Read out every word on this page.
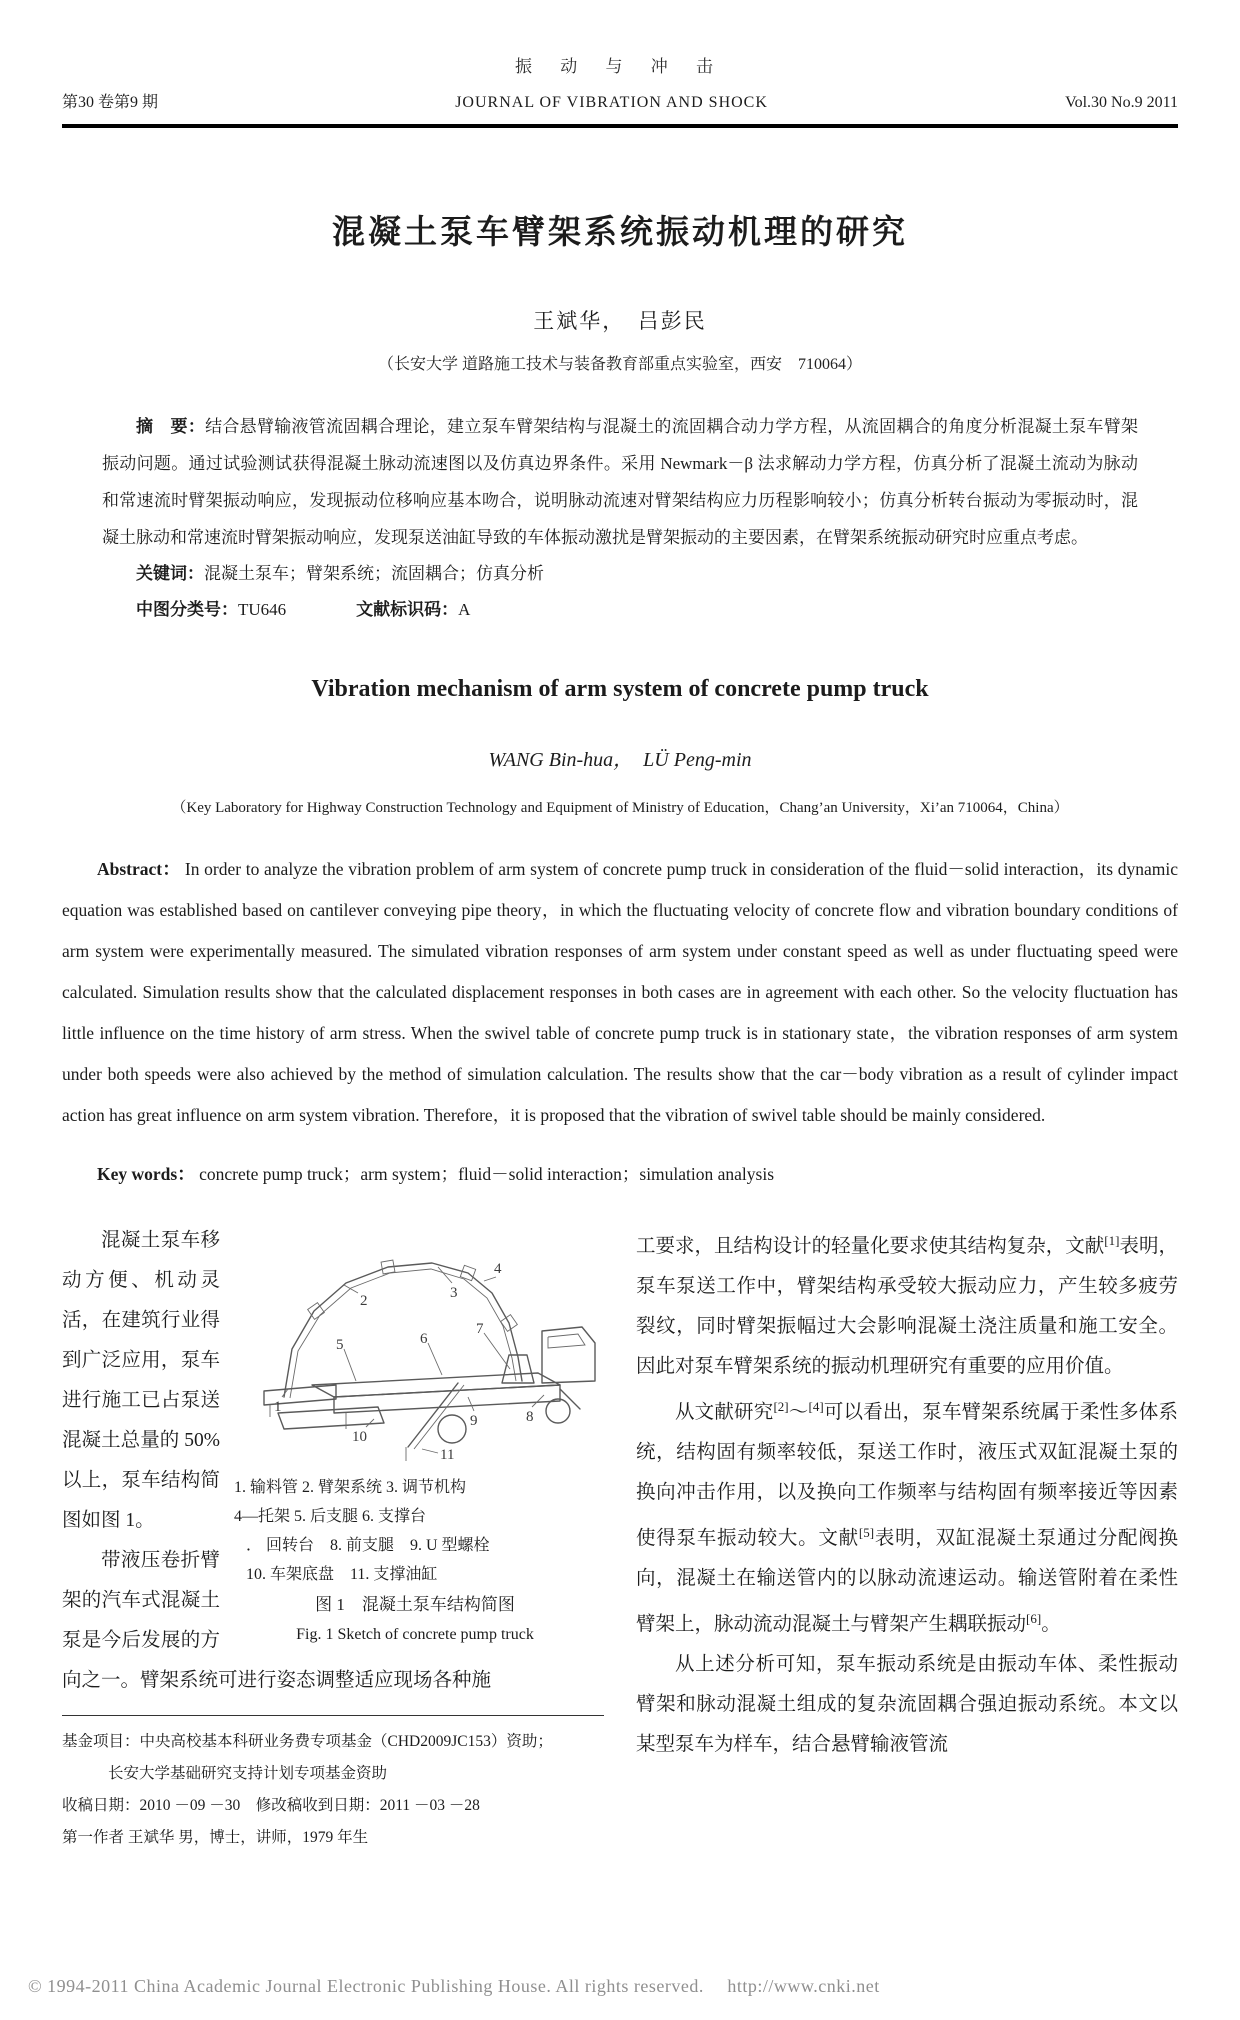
振 动 与 冲 击
第30 卷第9 期	JOURNAL OF VIBRATION AND SHOCK	Vol.30 No.9 2011
混凝土泵车臂架系统振动机理的研究
王斌华，　吕彭民
（长安大学 道路施工技术与装备教育部重点实验室，西安　710064）

摘　要：结合悬臂输液管流固耦合理论，建立泵车臂架结构与混凝土的流固耦合动力学方程，从流固耦合的角度分析混凝土泵车臂架振动问题。通过试验测试获得混凝土脉动流速图以及仿真边界条件。采用 Newmark－β 法求解动力学方程，仿真分析了混凝土流动为脉动和常速流时臂架振动响应，发现振动位移响应基本吻合，说明脉动流速对臂架结构应力历程影响较小；仿真分析转台振动为零振动时，混凝土脉动和常速流时臂架振动响应，发现泵送油缸导致的车体振动激扰是臂架振动的主要因素，在臂架系统振动研究时应重点考虑。

关键词：混凝土泵车；臂架系统；流固耦合；仿真分析

中图分类号：TU646	文献标识码：A

Vibration mechanism of arm system of concrete pump truck
WANG Bin-hua，　LÜ Peng-min
（Key Laboratory for Highway Construction Technology and Equipment of Ministry of Education，Chang’an University，Xi’an 710064，China）

Abstract： In order to analyze the vibration problem of arm system of concrete pump truck in consideration of the fluid－solid interaction，its dynamic equation was established based on cantilever conveying pipe theory，in which the fluctuating velocity of concrete flow and vibration boundary conditions of arm system were experimentally measured. The simulated vibration responses of arm system under constant speed as well as under fluctuating speed were calculated. Simulation results show that the calculated displacement responses in both cases are in agreement with each other. So the velocity fluctuation has little influence on the time history of arm stress. When the swivel table of concrete pump truck is in stationary state，the vibration responses of arm system under both speeds were also achieved by the method of simulation calculation. The results show that the car－body vibration as a result of cylinder impact action has great influence on arm system vibration. Therefore，it is proposed that the vibration of swivel table should be mainly considered.

Key words： concrete pump truck；arm system；fluid－solid interaction；simulation analysis

1
2	3
4
5	6
7
8
9
10
11

1. 输料管 2. 臂架系统 3. 调节机构

4—托架 5. 后支腿 6. 支撑台

． 回转台　8. 前支腿　9. U 型螺栓

10. 车架底盘　11. 支撑油缸

图 1　混凝土泵车结构简图

Fig. 1 Sketch of concrete pump truck

混凝土泵车移动方便、机动灵活，在建筑行业得到广泛应用，泵车进行施工已占泵送混凝土总量的 50% 以上，泵车结构简图如图 1。

带液压卷折臂架的汽车式混凝土泵是今后发展的方向之一。臂架系统可进行姿态调整适应现场各种施

基金项目：中央高校基本科研业务费专项基金（CHD2009JC153）资助；
长安大学基础研究支持计划专项基金资助
收稿日期：2010 －09 －30　修改稿收到日期：2011 －03 －28
第一作者 王斌华 男，博士，讲师，1979 年生

工要求，且结构设计的轻量化要求使其结构复杂，文献[1]表明，泵车泵送工作中，臂架结构承受较大振动应力，产生较多疲劳裂纹，同时臂架振幅过大会影响混凝土浇注质量和施工安全。因此对泵车臂架系统的振动机理研究有重要的应用价值。

从文献研究[2]～[4]可以看出，泵车臂架系统属于柔性多体系统，结构固有频率较低，泵送工作时，液压式双缸混凝土泵的换向冲击作用，以及换向工作频率与结构固有频率接近等因素使得泵车振动较大。文献[5]表明，双缸混凝土泵通过分配阀换向，混凝土在输送管内的以脉动流速运动。输送管附着在柔性臂架上，脉动流动混凝土与臂架产生耦联振动[6]。

从上述分析可知，泵车振动系统是由振动车体、柔性振动臂架和脉动混凝土组成的复杂流固耦合强迫振动系统。本文以某型泵车为样车，结合悬臂输液管流

© 1994-2011 China Academic Journal Electronic Publishing House. All rights reserved.　 http://www.cnki.net
